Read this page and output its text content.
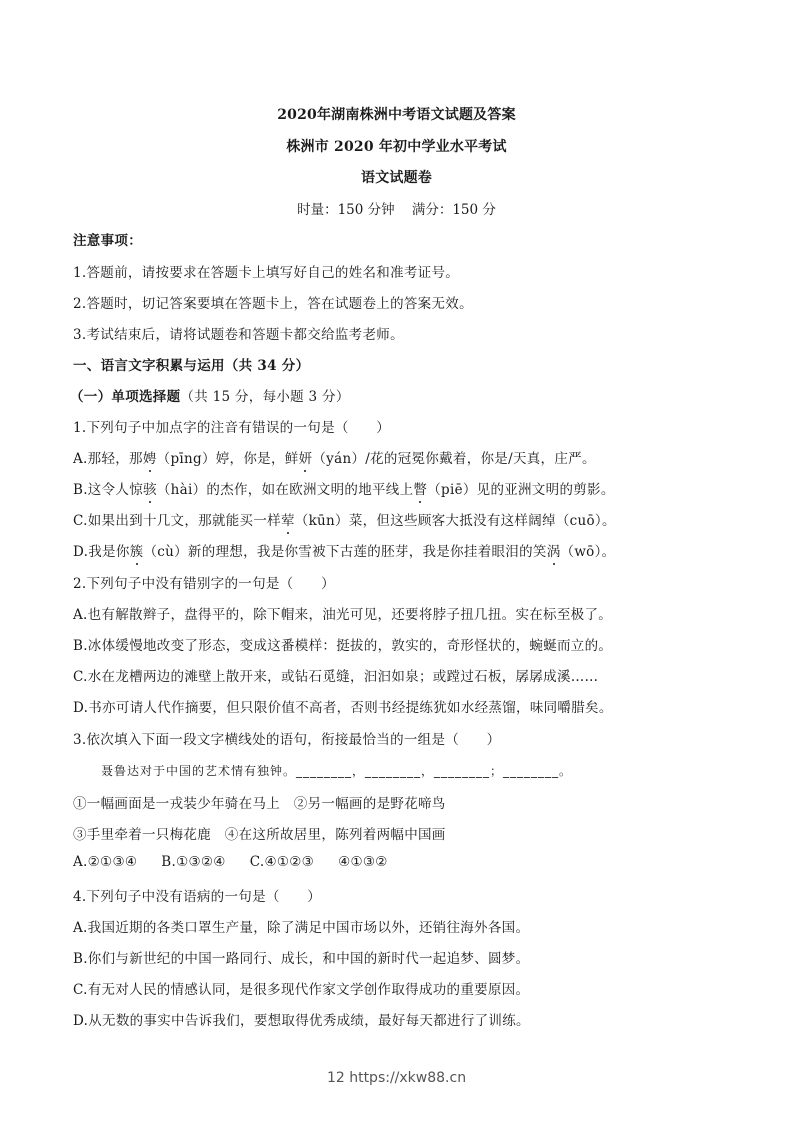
2020年湖南株洲中考语文试题及答案
株洲市 2020 年初中学业水平考试
语文试题卷
时量：150 分钟    满分：150 分
注意事项：
1.答题前，请按要求在答题卡上填写好自己的姓名和准考证号。
2.答题时，切记答案要填在答题卡上，答在试题卷上的答案无效。
3.考试结束后，请将试题卷和答题卡都交给监考老师。
一、语言文字积累与运用（共 34 分）
（一）单项选择题（共 15 分，每小题 3 分）
1.下列句子中加点字的注音有错误的一句是（　　）
A.那轻，那娉（pīng）婷，你是，鲜妍（yán）/花的冠冕你戴着，你是/天真，庄严。
B.这令人惊骇（hài）的杰作，如在欧洲文明的地平线上瞥（piē）见的亚洲文明的剪影。
C.如果出到十几文，那就能买一样荤（kūn）菜，但这些顾客大抵没有这样阔绰（cuō）。
D.我是你簇（cù）新的理想，我是你雪被下古莲的胚芽，我是你挂着眼泪的笑涡（wō）。
2.下列句子中没有错别字的一句是（　　）
A.也有解散辫子，盘得平的，除下帽来，油光可见，还要将脖子扭几扭。实在标至极了。
B.冰体缓慢地改变了形态，变成这番模样：挺拔的，敦实的，奇形怪状的，蜿蜒而立的。
C.水在龙槽两边的滩壁上散开来，或钻石觅缝，汩汩如泉；或蹚过石板，孱孱成溪……
D.书亦可请人代作摘要，但只限价值不高者，否则书经提练犹如水经蒸馏，味同嚼腊矣。
3.依次填入下面一段文字横线处的语句，衔接最恰当的一组是（　　）
聂鲁达对于中国的艺术情有独钟。________，________，________；________。
①一幅画面是一戎装少年骑在马上　②另一幅画的是野花啼鸟
③手里牵着一只梅花鹿　④在这所故居里，陈列着两幅中国画
A.②①③④ B.①③②④ C.④①②③ ④①③②
4.下列句子中没有语病的一句是（　　）
A.我国近期的各类口罩生产量，除了满足中国市场以外，还销往海外各国。
B.你们与新世纪的中国一路同行、成长，和中国的新时代一起追梦、圆梦。
C.有无对人民的情感认同，是很多现代作家文学创作取得成功的重要原因。
D.从无数的事实中告诉我们，要想取得优秀成绩，最好每天都进行了训练。
12 https://xkw88.cn
